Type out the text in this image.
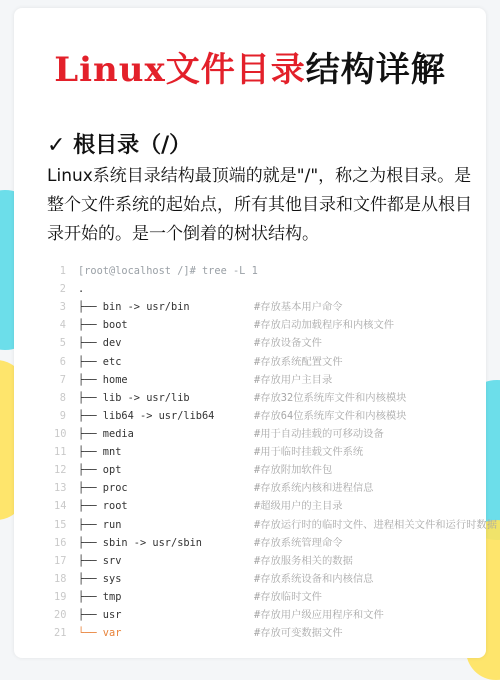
Linux文件目录结构详解
✓ 根目录（/）
Linux系统目录结构最顶端的就是"/"，称之为根目录。是整个文件系统的起始点，所有其他目录和文件都是从根目录开始的。是一个倒着的树状结构。
1 [root@localhost /]# tree -L 1
2 .
3 ├── bin -> usr/bin	#存放基本用户命令
4 ├── boot	#存放启动加载程序和内核文件
5 ├── dev	#存放设备文件
6 ├── etc	#存放系统配置文件
7 ├── home	#存放用户主目录
8 ├── lib -> usr/lib	#存放32位系统库文件和内核模块
9 ├── lib64 -> usr/lib64	#存放64位系统库文件和内核模块
10 ├── media	#用于自动挂载的可移动设备
11 ├── mnt	#用于临时挂载文件系统
12 ├── opt	#存放附加软件包
13 ├── proc	#存放系统内核和进程信息
14 ├── root	#超级用户的主目录
15 ├── run	#存放运行时的临时文件、进程相关文件和运行时数据
16 ├── sbin -> usr/sbin	#存放系统管理命令
17 ├── srv	#存放服务相关的数据
18 ├── sys	#存放系统设备和内核信息
19 ├── tmp	#存放临时文件
20 ├── usr	#存放用户级应用程序和文件
21 └── var	#存放可变数据文件
